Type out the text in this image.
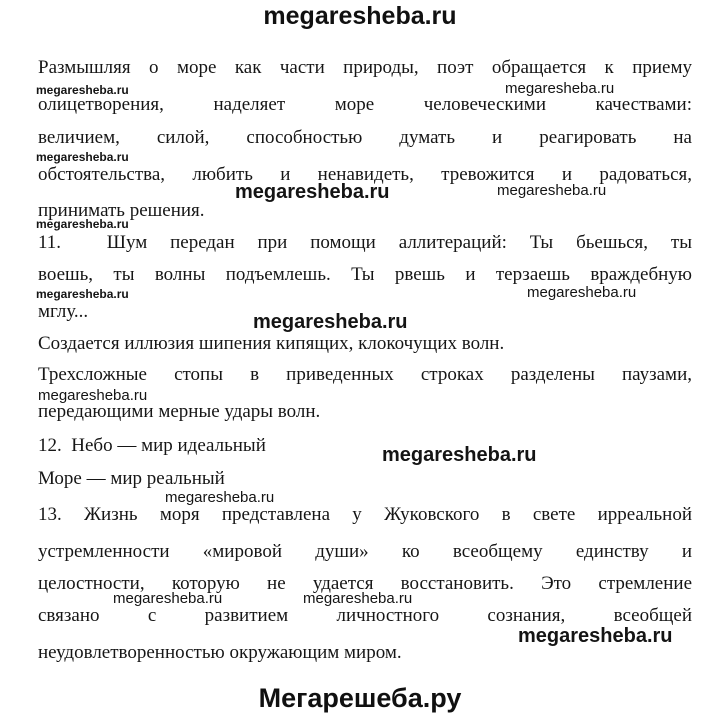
megaresheba.ru
Размышляя о море как части природы, поэт обращается к приему
олицетворения, наделяет море человеческими качествами:
величием, силой, способностью думать и реагировать на
обстоятельства, любить и ненавидеть, тревожится и радоваться,
принимать решения.
11.  Шум передан при помощи аллитераций: Ты бьешься, ты
воешь, ты волны подъемлешь. Ты рвешь и терзаешь враждебную
мглу...
Создается иллюзия шипения кипящих, клокочущих волн.
Трехсложные стопы в приведенных строках разделены паузами,
передающими мерные удары волн.
12.  Небо — мир идеальный
Море — мир реальный
13. Жизнь моря представлена у Жуковского в свете ирреальной
устремленности «мировой души» ко всеобщему единству и
целостности, которую не удается восстановить. Это стремление
связано с развитием личностного сознания, всеобщей
неудовлетворенностью окружающим миром.
megaresheba.ru	megaresheba.ru
megaresheba.ru
megaresheba.ru	megaresheba.ru
megaresheba.ru
megaresheba.ru	megaresheba.ru
megaresheba.ru
megaresheba.ru
megaresheba.ru
megaresheba.ru
megaresheba.ru	megaresheba.ru
megaresheba.ru
Мегарешеба.ру
